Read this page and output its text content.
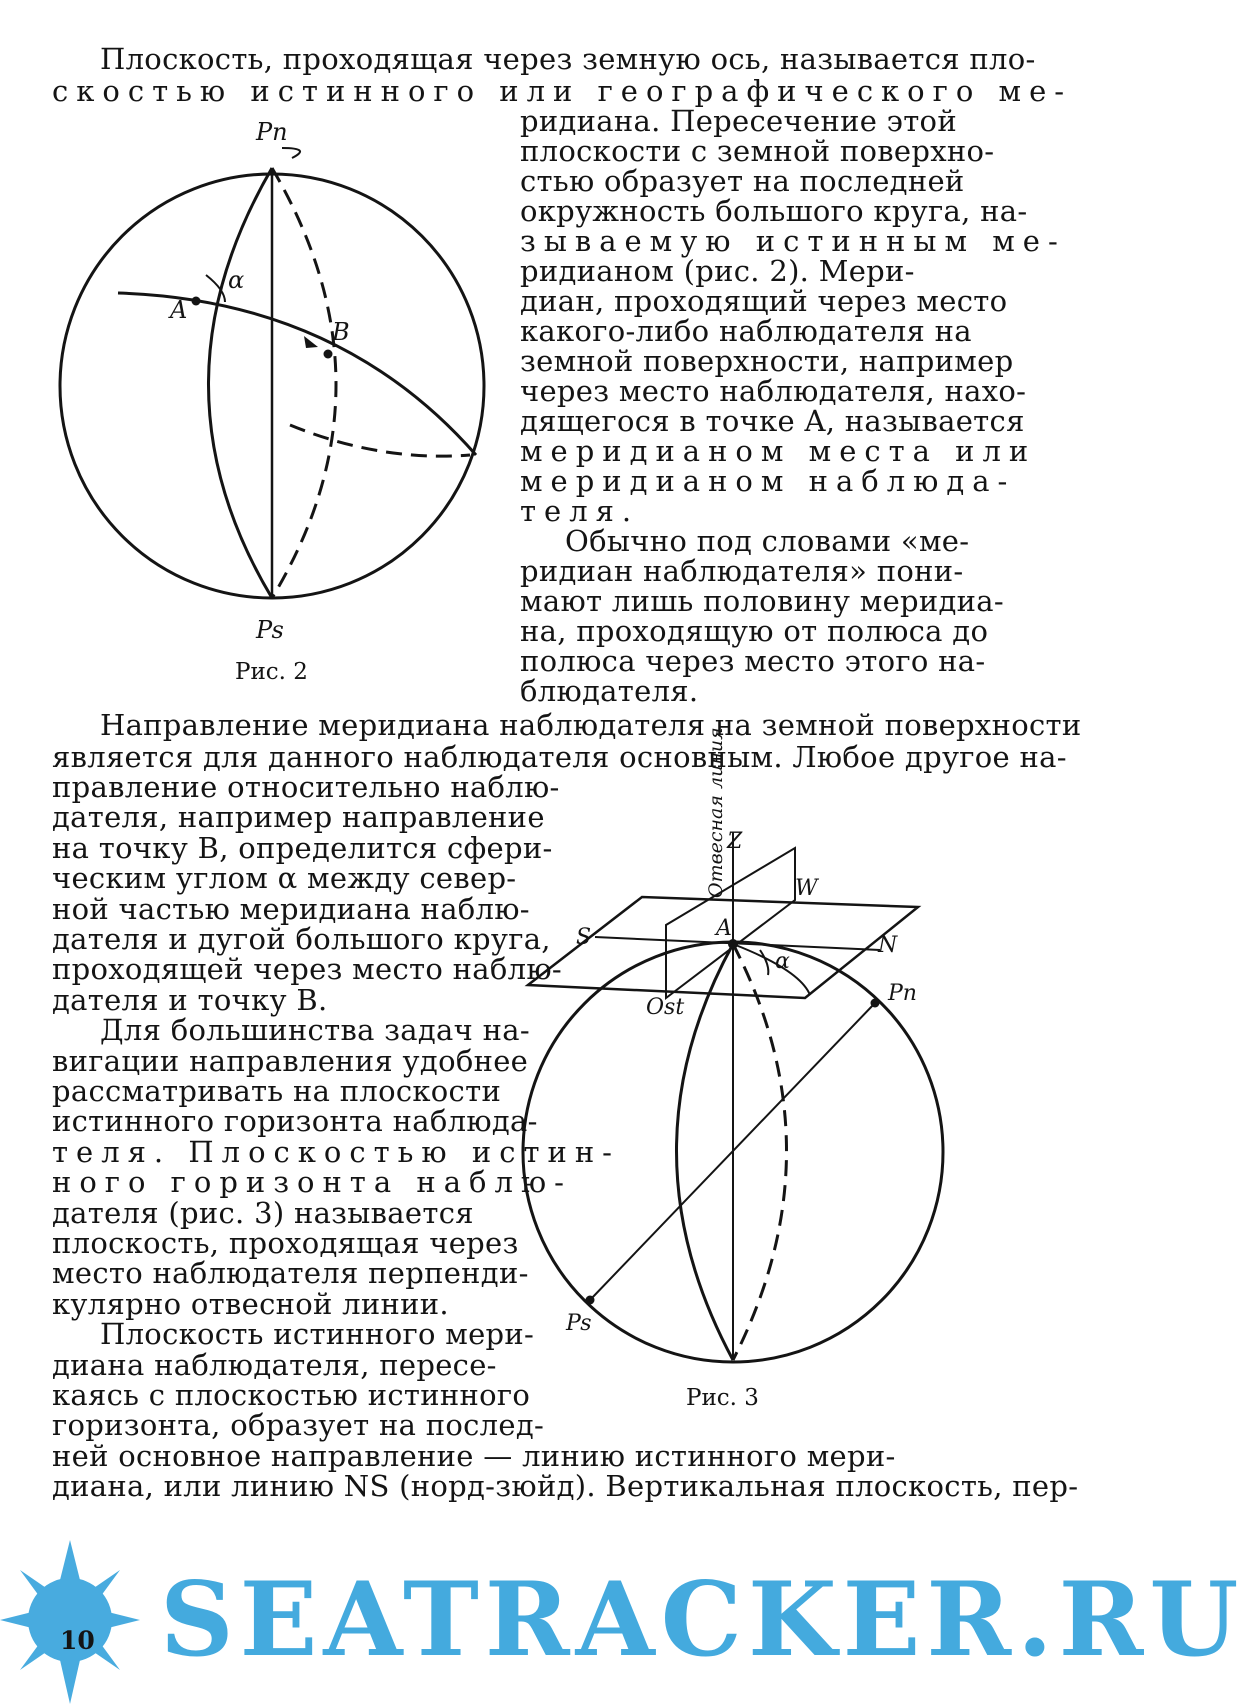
Плоскость, проходящая через земную ось, называется пло-
скостью истинного или географического ме-
ридиана. Пересечение этой
плоскости с земной поверхно-
стью образует на последней
окружность большого круга, на-
зываемую истинным ме-
ридианом (рис. 2). Мери-
диан, проходящий через место
какого-либо наблюдателя на
земной поверхности, например
через место наблюдателя, нахо-
дящегося в точке A, называется
меридианом места или
меридианом наблюда-
теля.
Обычно под словами «ме-
ридиан наблюдателя» пони-
мают лишь половину меридиа-
на, проходящую от полюса до
полюса через место этого на-
блюдателя.
Направление меридиана наблюдателя на земной поверхности
является для данного наблюдателя основным. Любое другое на-
правление относительно наблю-
дателя, например направление
на точку B, определится сфери-
ческим углом α между север-
ной частью меридиана наблю-
дателя и дугой большого круга,
проходящей через место наблю-
дателя и точку B.
Для большинства задач на-
вигации направления удобнее
рассматривать на плоскости
истинного горизонта наблюда-
теля. Плоскостью истин-
ного горизонта наблю-
дателя (рис. 3) называется
плоскость, проходящая через
место наблюдателя перпенди-
кулярно отвесной линии.
Плоскость истинного мери-
диана наблюдателя, пересе-
каясь с плоскостью истинного
горизонта, образует на послед-
ней основное направление — линию истинного мери-
диана, или линию NS (норд-зюйд). Вертикальная плоскость, пер-
Pn
Ps
A
B
α
Рис. 2
Z
W
S	N
Ost
A
α
Pn
Ps
Отвесная линия
Рис. 3
SEATRACKER.RU
10
